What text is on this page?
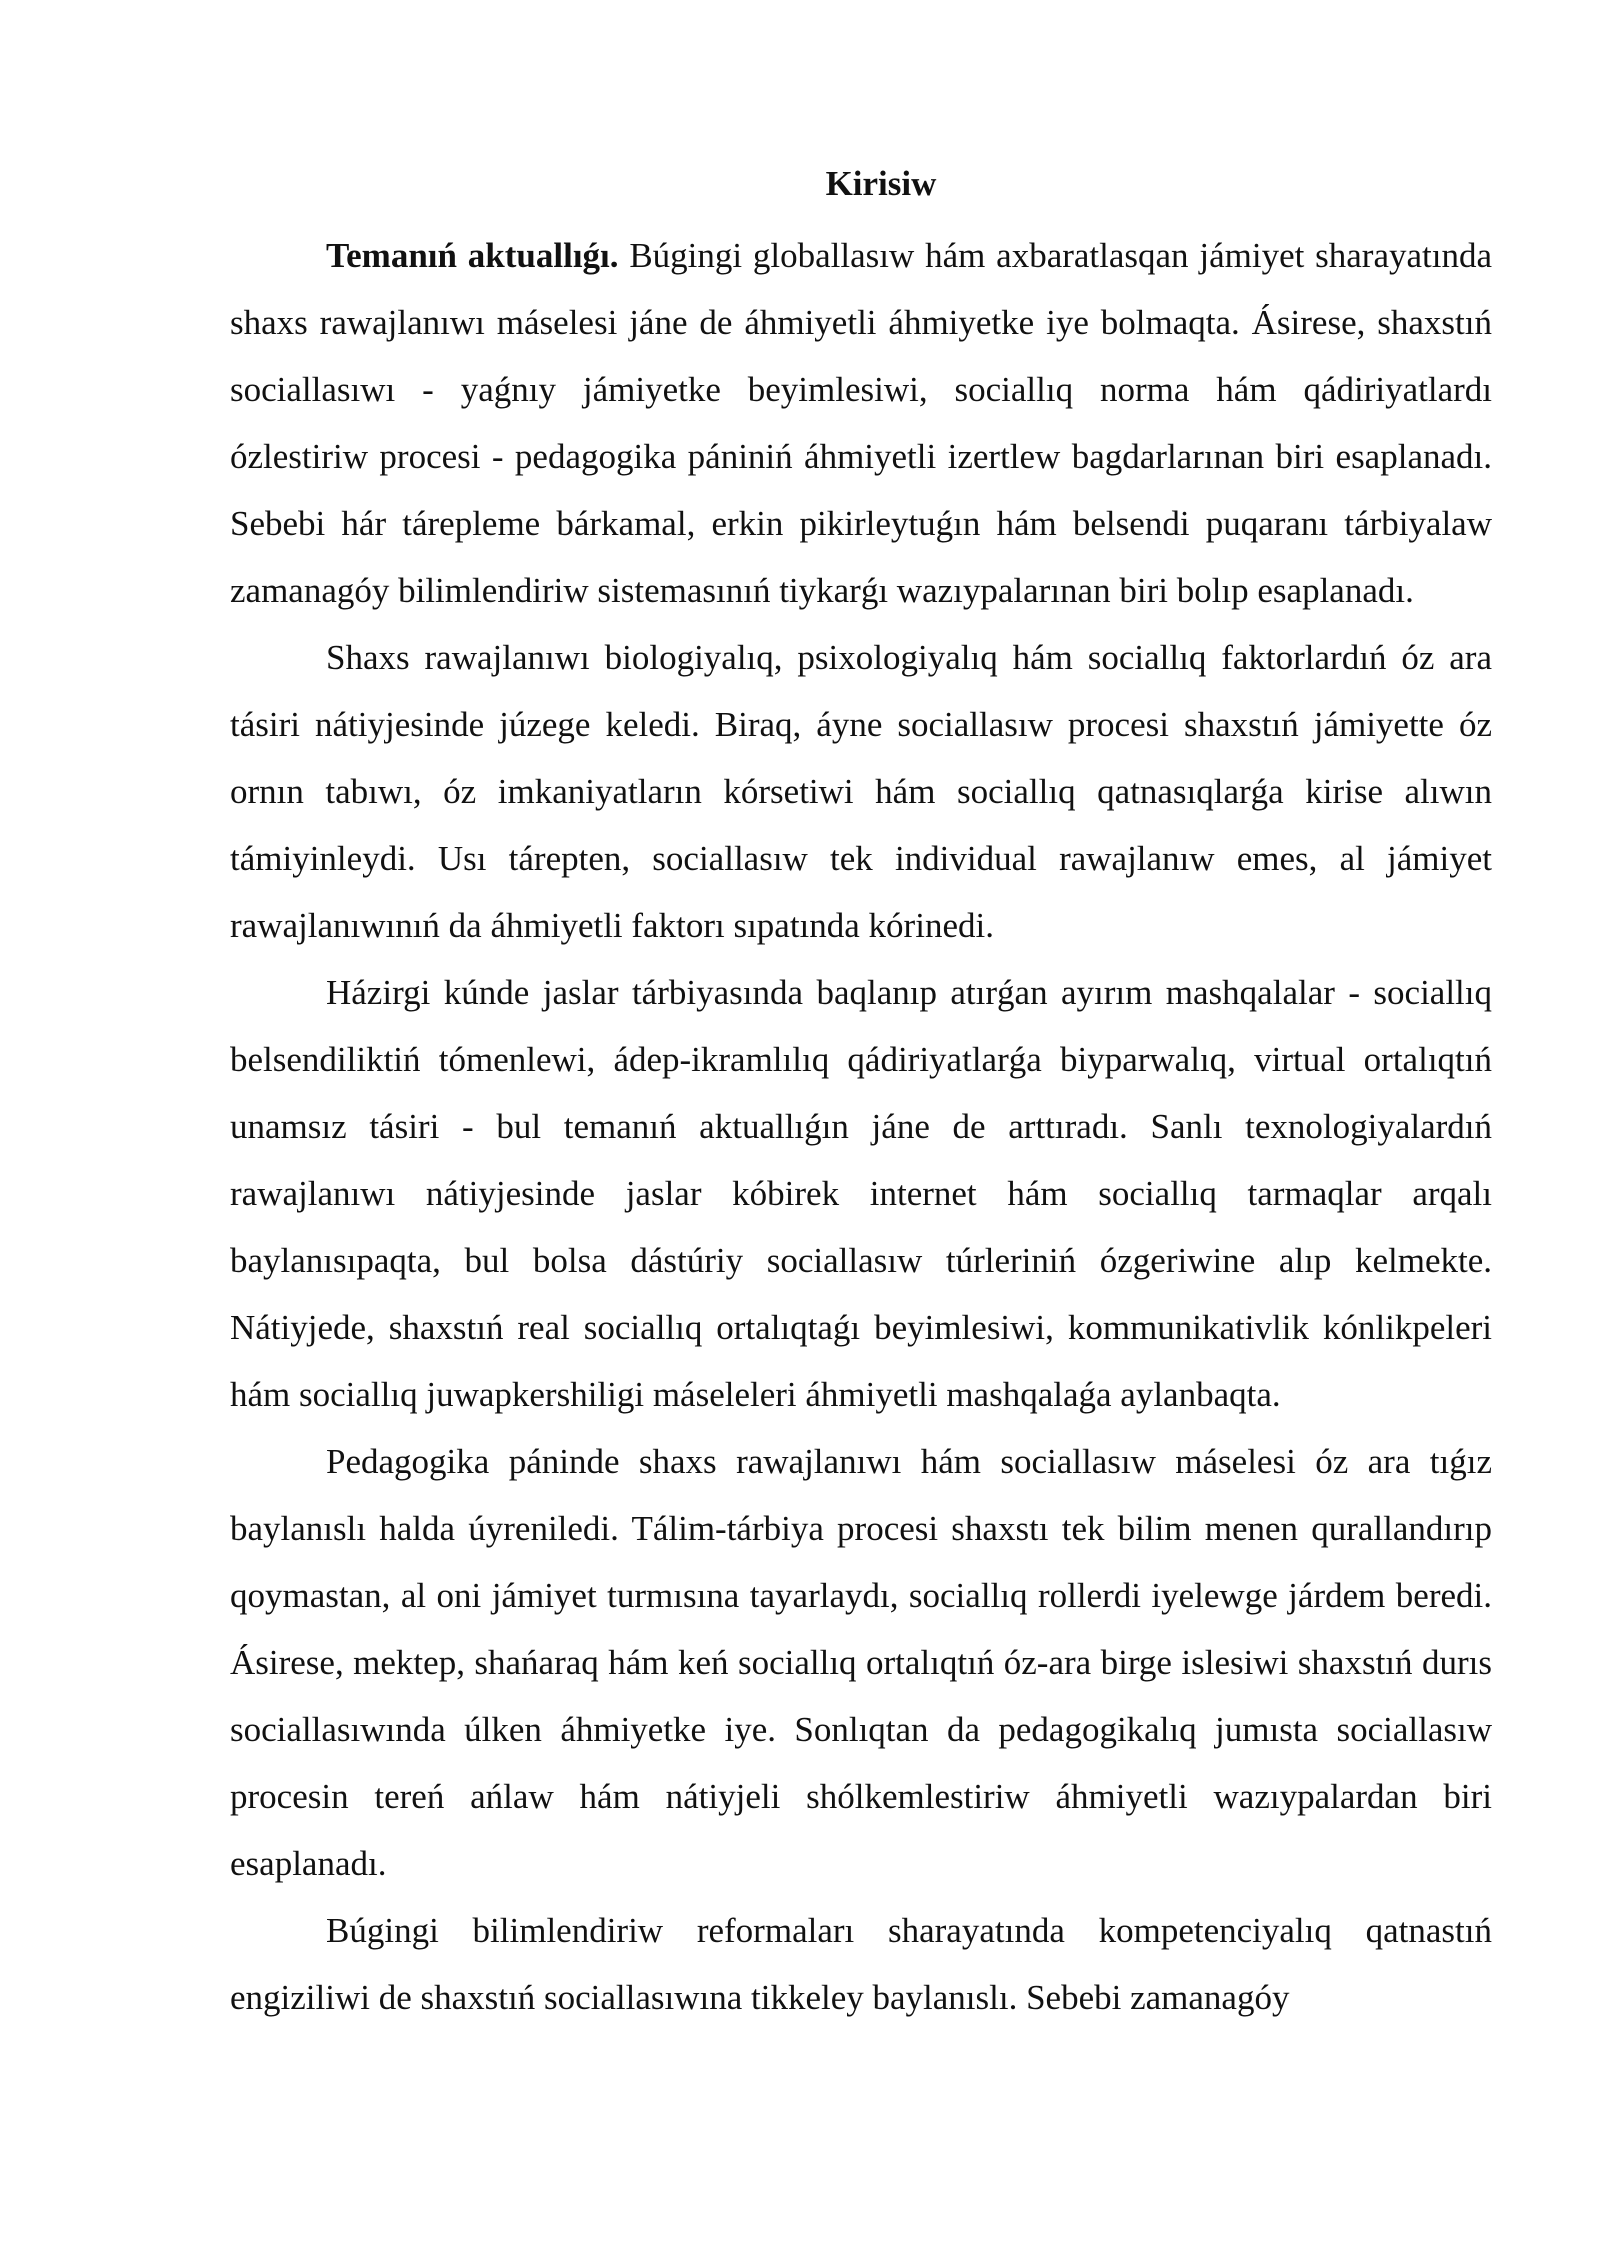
Kirisiw

Temanıń aktuallıǵı. Búgingi globallasıw hám axbaratlasqan jámiyet sharayatında shaxs rawajlanıwı máselesi jáne de áhmiyetli áhmiyetke iye bolmaqta. Ásirese, shaxstıń sociallasıwı - yaǵnıy jámiyetke beyimlesiwi, sociallıq norma hám qádiriyatlardı ózlestiriw procesi - pedagogika pániniń áhmiyetli izertlew bagdarlarınan biri esaplanadı. Sebebi hár tárepleme bárkamal, erkin pikirleytuǵın hám belsendi puqaranı tárbiyalaw zamanagóy bilimlendiriw sistemasınıń tiykarǵı wazıypalarınan biri bolıp esaplanadı.

Shaxs rawajlanıwı biologiyalıq, psixologiyalıq hám sociallıq faktorlardıń óz ara tásiri nátiyjesinde júzege keledi. Biraq, áyne sociallasıw procesi shaxstıń jámiyette óz ornın tabıwı, óz imkaniyatların kórsetiwi hám sociallıq qatnasıqlarǵa kirise alıwın támiyinleydi. Usı tárepten, sociallasıw tek individual rawajlanıw emes, al jámiyet rawajlanıwınıń da áhmiyetli faktorı sıpatında kórinedi.

Házirgi kúnde jaslar tárbiyasında baqlanıp atırǵan ayırım mashqalalar - sociallıq belsendiliktiń tómenlewi, ádep-ikramlılıq qádiriyatlarǵa biyparwalıq, virtual ortalıqtıń unamsız tásiri - bul temanıń aktuallıǵın jáne de arttıradı. Sanlı texnologiyalardıń rawajlanıwı nátiyjesinde jaslar kóbirek internet hám sociallıq tarmaqlar arqalı baylanısıpaqta, bul bolsa dástúriy sociallasıw túrleriniń ózgeriwine alıp kelmekte. Nátiyjede, shaxstıń real sociallıq ortalıqtaǵı beyimlesiwi, kommunikativlik kónlikpeleri hám sociallıq juwapkershiligi máseleleri áhmiyetli mashqalaǵa aylanbaqta.

Pedagogika páninde shaxs rawajlanıwı hám sociallasıw máselesi óz ara tıǵız baylanıslı halda úyreniledi. Tálim-tárbiya procesi shaxstı tek bilim menen qurallandırıp qoymastan, al oni jámiyet turmısına tayarlaydı, sociallıq rollerdi iyelewge járdem beredi. Ásirese, mektep, shańaraq hám keń sociallıq ortalıqtıń óz-ara birge islesiwi shaxstıń durıs sociallasıwında úlken áhmiyetke iye. Sonlıqtan da pedagogikalıq jumısta sociallasıw procesin tereń ańlaw hám nátiyjeli shólkemlestiriw áhmiyetli wazıypalardan biri esaplanadı.

Búgingi bilimlendiriw reformaları sharayatında kompetenciyalıq qatnastıń engiziliwi de shaxstıń sociallasıwına tikkeley baylanıslı. Sebebi zamanagóy
